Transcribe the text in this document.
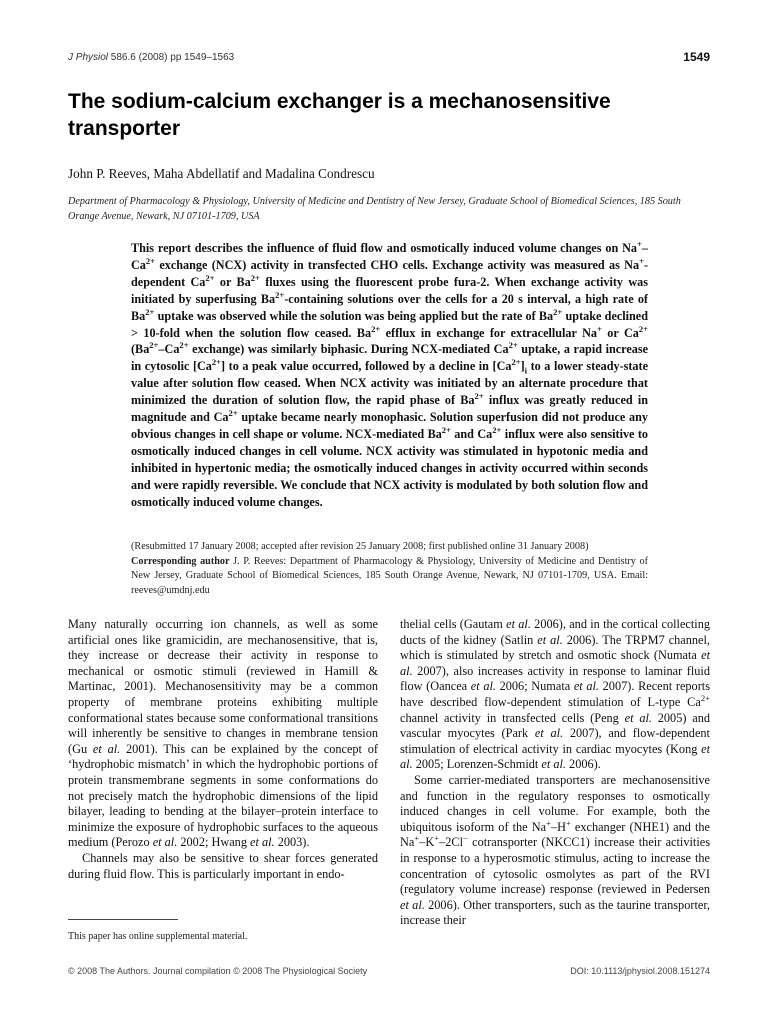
J Physiol 586.6 (2008) pp 1549–1563	1549
The sodium-calcium exchanger is a mechanosensitive transporter
John P. Reeves, Maha Abdellatif and Madalina Condrescu
Department of Pharmacology & Physiology, University of Medicine and Dentistry of New Jersey, Graduate School of Biomedical Sciences, 185 South Orange Avenue, Newark, NJ 07101-1709, USA

This report describes the influence of fluid flow and osmotically induced volume changes on $Na^+-Ca^{2+}$ exchange (NCX) activity in transfected CHO cells. Exchange activity was measured as Na+-dependent $Ca^{2+}$ or $Ba^{2+}$ fluxes using the fluorescent probe fura-2. When exchange activity was initiated by superfusing $Ba^{2+}$-containing solutions over the cells for a 20 s interval, a high rate of $Ba^{2+}$ uptake was observed while the solution was being applied but the rate of $Ba^{2+}$ uptake declined > 10-fold when the solution flow ceased. $Ba^{2+}$ efflux in exchange for extracellular Na+ or $Ca^{2+}$ ($Ba^{2+}-Ca^{2+}$ exchange) was similarly biphasic. During NCX-mediated $Ca^{2+}$ uptake, a rapid increase in cytosolic $[Ca^{2+}]$ to a peak value occurred, followed by a decline in $[Ca^{2+}]_i$ to a lower steady-state value after solution flow ceased. When NCX activity was initiated by an alternate procedure that minimized the duration of solution flow, the rapid phase of $Ba^{2+}$ influx was greatly reduced in magnitude and $Ca^{2+}$ uptake became nearly monophasic. Solution superfusion did not produce any obvious changes in cell shape or volume. NCX-mediated $Ba^{2+}$ and $Ca^{2+}$ influx were also sensitive to osmotically induced changes in cell volume. NCX activity was stimulated in hypotonic media and inhibited in hypertonic media; the osmotically induced changes in activity occurred within seconds and were rapidly reversible. We conclude that NCX activity is modulated by both solution flow and osmotically induced volume changes.

(Resubmitted 17 January 2008; accepted after revision 25 January 2008; first published online 31 January 2008)
Corresponding author J. P. Reeves: Department of Pharmacology & Physiology, University of Medicine and Dentistry of New Jersey, Graduate School of Biomedical Sciences, 185 South Orange Avenue, Newark, NJ 07101-1709, USA. Email: reeves@umdnj.edu

Many naturally occurring ion channels, as well as some artificial ones like gramicidin, are mechanosensitive, that is, they increase or decrease their activity in response to mechanical or osmotic stimuli (reviewed in Hamill & Martinac, 2001). Mechanosensitivity may be a common property of membrane proteins exhibiting multiple conformational states because some conformational transitions will inherently be sensitive to changes in membrane tension (Gu et al. 2001). This can be explained by the concept of ‘hydrophobic mismatch’ in which the hydrophobic portions of protein transmembrane segments in some conformations do not precisely match the hydrophobic dimensions of the lipid bilayer, leading to bending at the bilayer–protein interface to minimize the exposure of hydrophobic surfaces to the aqueous medium (Perozo et al. 2002; Hwang et al. 2003).

Channels may also be sensitive to shear forces generated during fluid flow. This is particularly important in endo-

thelial cells (Gautam et al. 2006), and in the cortical collecting ducts of the kidney (Satlin et al. 2006). The TRPM7 channel, which is stimulated by stretch and osmotic shock (Numata et al. 2007), also increases activity in response to laminar fluid flow (Oancea et al. 2006; Numata et al. 2007). Recent reports have described flow-dependent stimulation of L-type $Ca^{2+}$ channel activity in transfected cells (Peng et al. 2005) and vascular myocytes (Park et al. 2007), and flow-dependent stimulation of electrical activity in cardiac myocytes (Kong et al. 2005; Lorenzen-Schmidt et al. 2006).

Some carrier-mediated transporters are mechanosensitive and function in the regulatory responses to osmotically induced changes in cell volume. For example, both the ubiquitous isoform of the Na+–H+ exchanger (NHE1) and the Na+–K+–2Cl− cotransporter (NKCC1) increase their activities in response to a hyperosmotic stimulus, acting to increase the concentration of cytosolic osmolytes as part of the RVI (regulatory volume increase) response (reviewed in Pedersen et al. 2006). Other transporters, such as the taurine transporter, increase their

This paper has online supplemental material.
© 2008 The Authors. Journal compilation © 2008 The Physiological Society	DOI: 10.1113/jphysiol.2008.151274
